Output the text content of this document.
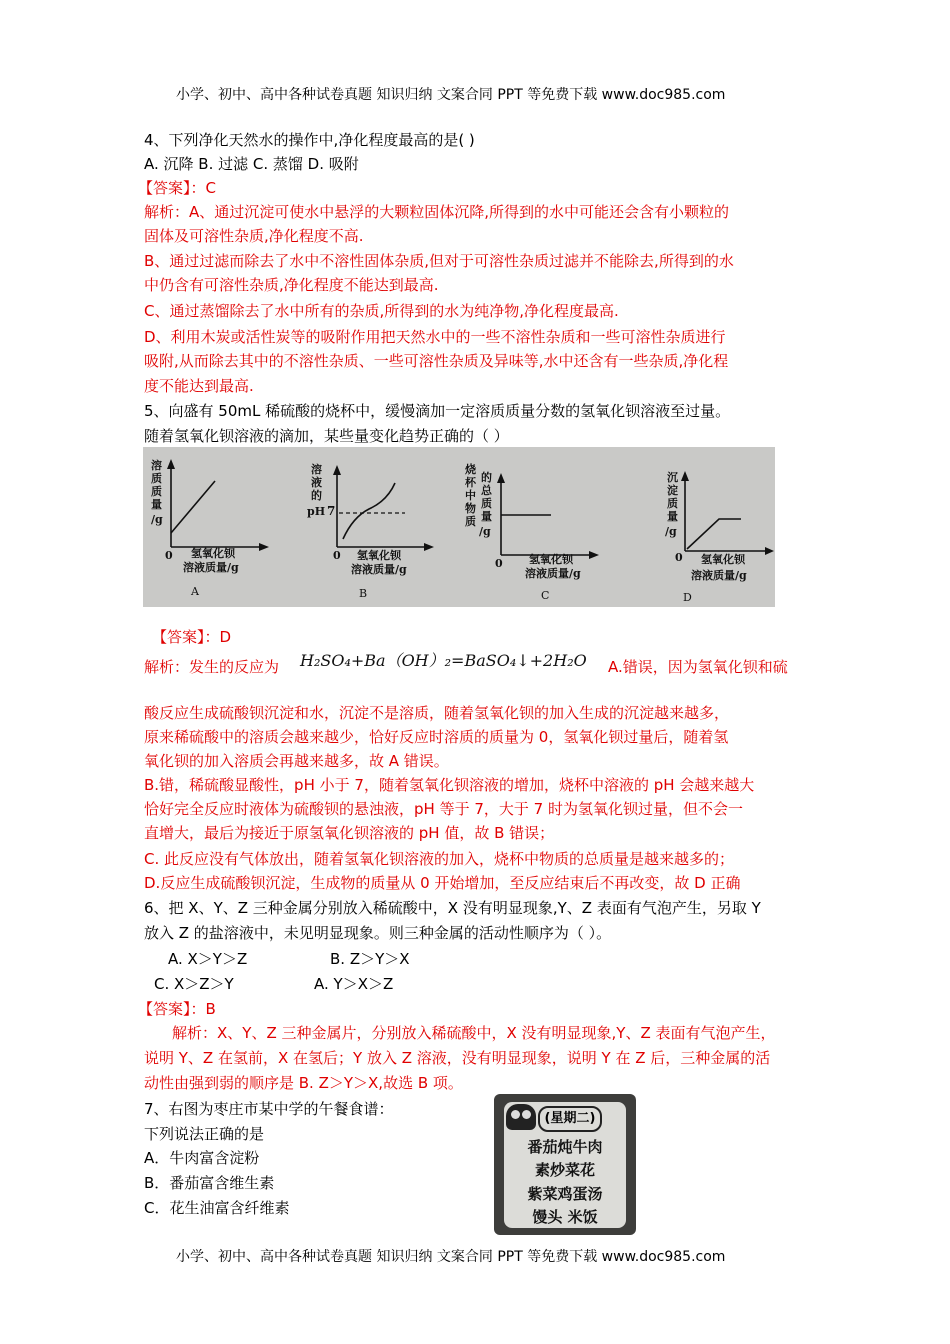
小学、初中、高中各种试卷真题 知识归纳 文案合同 PPT 等免费下载 www.doc985.com
小学、初中、高中各种试卷真题 知识归纳 文案合同 PPT 等免费下载 www.doc985.com
4、下列净化天然水的操作中,净化程度最高的是( )
A. 沉降 B. 过滤 C. 蒸馏 D. 吸附
【答案】：C
解析：A、通过沉淀可使水中悬浮的大颗粒固体沉降,所得到的水中可能还会含有小颗粒的
固体及可溶性杂质,净化程度不高.
B、通过过滤而除去了水中不溶性固体杂质,但对于可溶性杂质过滤并不能除去,所得到的水
中仍含有可溶性杂质,净化程度不能达到最高.
C、通过蒸馏除去了水中所有的杂质,所得到的水为纯净物,净化程度最高.
D、利用木炭或活性炭等的吸附作用把天然水中的一些不溶性杂质和一些可溶性杂质进行
吸附,从而除去其中的不溶性杂质、一些可溶性杂质及异味等,水中还含有一些杂质,净化程
度不能达到最高.
5、向盛有 50mL 稀硫酸的烧杯中，缓慢滴加一定溶质质量分数的氢氧化钡溶液至过量。
随着氢氧化钡溶液的滴加，某些量变化趋势正确的（ ）
溶
质
质
量
/g
0 氢氧化钡
溶液质量/g
A
溶
液
的
pH 7
0 氢氧化钡
溶液质量/g
B
烧
杯
中
物
质
的
总
质
量
/g
0 氢氧化钡
溶液质量/g
C
沉
淀
质
量
/g
0 氢氧化钡
溶液质量/g
D
【答案】：D
解析：发生的反应为 H₂SO₄+Ba（OH）₂=BaSO₄↓+2H₂O A.错误，因为氢氧化钡和硫
酸反应生成硫酸钡沉淀和水，沉淀不是溶质，随着氢氧化钡的加入生成的沉淀越来越多，
原来稀硫酸中的溶质会越来越少，恰好反应时溶质的质量为 0，氢氧化钡过量后，随着氢
氧化钡的加入溶质会再越来越多，故 A 错误。
B.错，稀硫酸显酸性，pH 小于 7，随着氢氧化钡溶液的增加，烧杯中溶液的 pH 会越来越大
恰好完全反应时液体为硫酸钡的悬浊液，pH 等于 7，大于 7 时为氢氧化钡过量，但不会一
直增大，最后为接近于原氢氧化钡溶液的 pH 值，故 B 错误；
C. 此反应没有气体放出，随着氢氧化钡溶液的加入，烧杯中物质的总质量是越来越多的；
D.反应生成硫酸钡沉淀，生成物的质量从 0 开始增加，至反应结束后不再改变，故 D 正确
6、把 X、Y、Z 三种金属分别放入稀硫酸中，X 没有明显现象,Y、Z 表面有气泡产生，另取 Y
放入 Z 的盐溶液中，未见明显现象。则三种金属的活动性顺序为（ ）。
A. X＞Y＞Z	B. Z＞Y＞X
C. X＞Z＞Y	A. Y＞X＞Z
【答案】：B
解析：X、Y、Z 三种金属片，分别放入稀硫酸中，X 没有明显现象,Y、Z 表面有气泡产生，
说明 Y、Z 在氢前，X 在氢后；Y 放入 Z 溶液，没有明显现象，说明 Y 在 Z 后，三种金属的活
动性由强到弱的顺序是 B. Z＞Y＞X,故选 B 项。
7、右图为枣庄市某中学的午餐食谱：
下列说法正确的是
A．牛肉富含淀粉
B．番茄富含维生素
C．花生油富含纤维素
(星期二)
番茄炖牛肉
素炒菜花
紫菜鸡蛋汤
馒头 米饭
